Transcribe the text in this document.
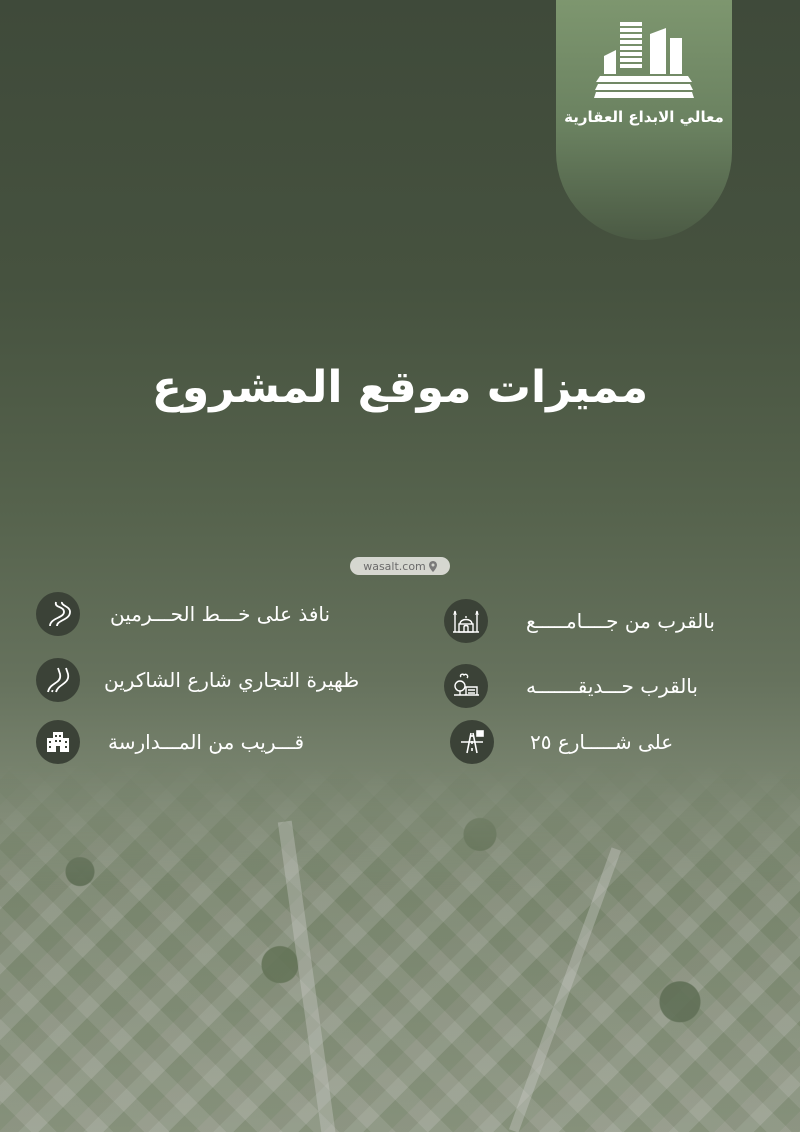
معالي الابداع العقارية
مميزات موقع المشروع
wasalt.com
نافذ على خـــط الحـــرمين
ظهيرة التجاري شارع الشاكرين
قـــريب من المـــدارسة
بالقرب من جــــامـــــع
بالقرب حـــديقـــــــه
على شـــــارع ٢٥
